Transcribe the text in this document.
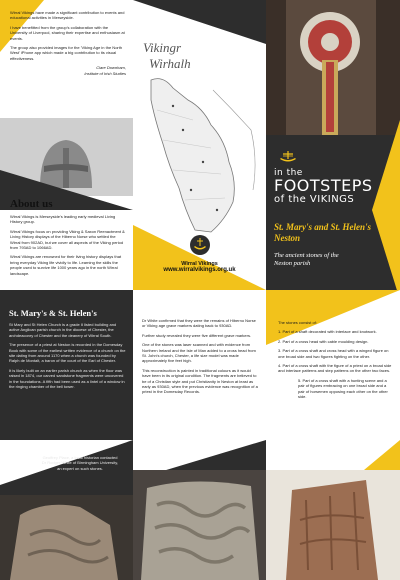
Wirral Vikings have made a significant contribution to events and educational activities in Merseyside.

I have benefitted from the group's collaboration with the University of Liverpool, sharing their expertise and enthusiasm at events.

The group also provided images for the 'Viking Age in the North West' iPhone app which made a big contribution to its visual effectiveness.

Clare Downham,

Institute of Irish Studies

About us

Wirral Vikings is Merseyside's leading early medieval Living History group.

Wirral Vikings focus on providing Viking & Saxon Reenactment & Living History displays of the Hiberno Norse who settled the Wirral from 902AD, but we cover all aspects of the Viking period from 793AD to 1066AD.

Wirral Vikings are renowned for their living history displays that bring everyday Viking life vividly to life. Learning the skills the people used to survive life 1000 years ago in the north Wirral landscape.

Vikingr
Wirhalh
Wirral Vikings
www.wirralvikings.org.uk
in the
FOOTSTEPS
of the VIKINGS
St. Mary's and St. Helen's Neston
The ancient stones of the Neston parish
St. Mary's & St. Helen's

St Mary and St Helen Church is a grade II listed building and active Anglican parish church in the diocese of Chester, the archdeaconry of Chester and the deanery of Wirral South.

The presence of a priest at Neston is recorded in the Domesday Book with some of the earliest written evidence of a church on the site dating from around 1170 when a church was founded by Ralph de Montalt, a baron of the court of the Earl of Chester.

It is likely built on an earlier parish church as when the floor was raised in 1874, our carved sandstone fragments were uncovered in the foundations. A fifth had been used as a lintel of a window in the ringing chamber of the bell tower.

Geoffrey Place, a local historian contacted Dr Rodger White of Birmingham University, an expert on such stones.

Dr White confirmed that they were the remains of Hiberno Norse or Viking age grave markers dating back to 930AD.

Further study revealed they were five different grave markers.

One of the stones was laser scanned and with evidence from Northern Ireland and the Isle of Man added to a cross head from St. John's church, Chester, a life size model was made approximately five feet high.

This reconstruction is painted in traditional colours as it would have been in its original condition. The fragments are believed to be of a Christian style and put Christianity in Neston at least as early as 930AD, when the previous evidence was recognition of a priest in the Domesday Records.

The stones consist of:

1. Part of a shaft decorated with interlace and knotwork.

2. Part of a cross head with cable moulding design.

3. Part of a cross shaft and cross head with a winged figure on one broad side and two figures fighting on the other.

4. Part of a cross shaft with the figure of a priest on a broad side and interlace patterns and step patterns on the other two faces.

5. Part of a cross shaft with a hunting scene and a pair of figures embracing on one broad side and a pair of horsemen opposing each other on the other side.
